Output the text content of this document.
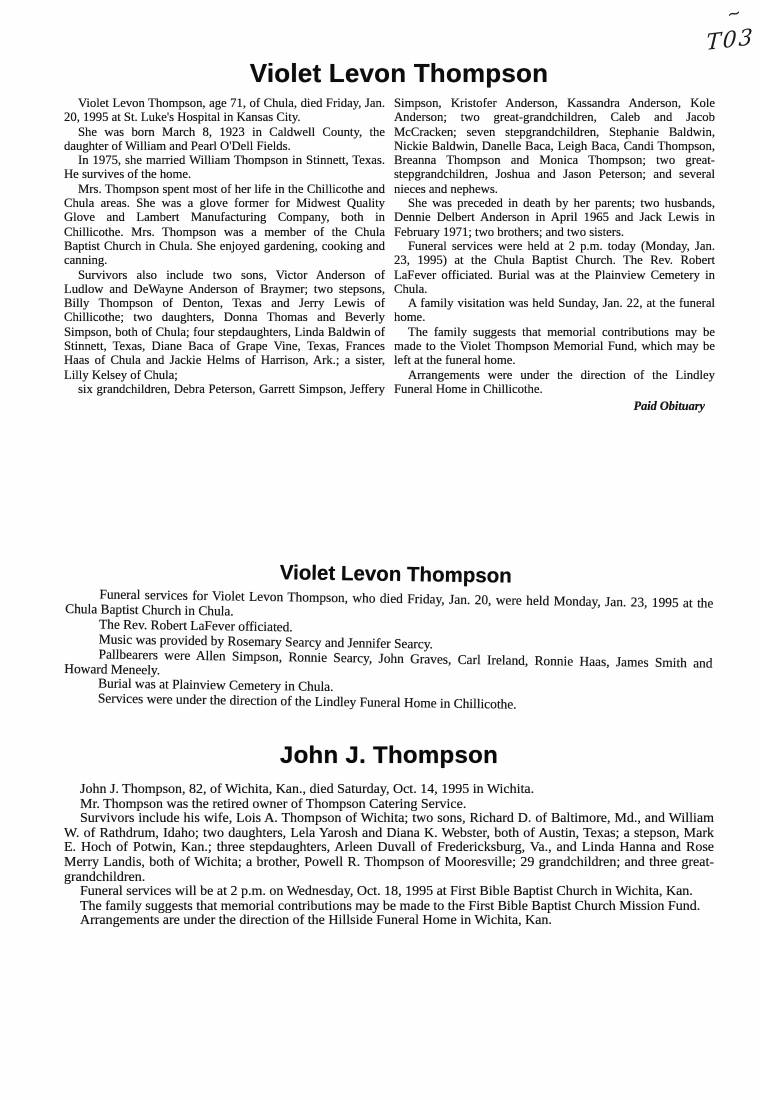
~
T03
Violet Levon Thompson

Violet Levon Thompson, age 71, of Chula, died Friday, Jan. 20, 1995 at St. Luke's Hospital in Kansas City.

She was born March 8, 1923 in Caldwell County, the daughter of William and Pearl O'Dell Fields.

In 1975, she married William Thompson in Stinnett, Texas. He survives of the home.

Mrs. Thompson spent most of her life in the Chillicothe and Chula areas. She was a glove former for Midwest Quality Glove and Lambert Manufacturing Company, both in Chillicothe. Mrs. Thompson was a member of the Chula Baptist Church in Chula. She enjoyed gardening, cooking and canning.

Survivors also include two sons, Victor Anderson of Ludlow and DeWayne Anderson of Braymer; two stepsons, Billy Thompson of Denton, Texas and Jerry Lewis of Chillicothe; two daughters, Donna Thomas and Beverly Simpson, both of Chula; four stepdaughters, Linda Baldwin of Stinnett, Texas, Diane Baca of Grape Vine, Texas, Frances Haas of Chula and Jackie Helms of Harrison, Ark.; a sister, Lilly Kelsey of Chula;

six grandchildren, Debra Peterson, Garrett Simpson, Jeffery

Simpson, Kristofer Anderson, Kassandra Anderson, Kole Anderson; two great-grandchildren, Caleb and Jacob McCracken; seven stepgrandchildren, Stephanie Baldwin, Nickie Baldwin, Danelle Baca, Leigh Baca, Candi Thompson, Breanna Thompson and Monica Thompson; two great-stepgrandchildren, Joshua and Jason Peterson; and several nieces and nephews.

She was preceded in death by her parents; two husbands, Dennie Delbert Anderson in April 1965 and Jack Lewis in February 1971; two brothers; and two sisters.

Funeral services were held at 2 p.m. today (Monday, Jan. 23, 1995) at the Chula Baptist Church. The Rev. Robert LaFever officiated. Burial was at the Plainview Cemetery in Chula.

A family visitation was held Sunday, Jan. 22, at the funeral home.

The family suggests that memorial contributions may be made to the Violet Thompson Memorial Fund, which may be left at the funeral home.

Arrangements were under the direction of the Lindley Funeral Home in Chillicothe.

Paid Obituary
Violet Levon Thompson

Funeral services for Violet Levon Thompson, who died Friday, Jan. 20, were held Monday, Jan. 23, 1995 at the Chula Baptist Church in Chula.

The Rev. Robert LaFever officiated.

Music was provided by Rosemary Searcy and Jennifer Searcy.

Pallbearers were Allen Simpson, Ronnie Searcy, John Graves, Carl Ireland, Ronnie Haas, James Smith and Howard Meneely.

Burial was at Plainview Cemetery in Chula.

Services were under the direction of the Lindley Funeral Home in Chillicothe.

John J. Thompson

John J. Thompson, 82, of Wichita, Kan., died Saturday, Oct. 14, 1995 in Wichita.

Mr. Thompson was the retired owner of Thompson Catering Service.

Survivors include his wife, Lois A. Thompson of Wichita; two sons, Richard D. of Baltimore, Md., and William W. of Rathdrum, Idaho; two daughters, Lela Yarosh and Diana K. Webster, both of Austin, Texas; a stepson, Mark E. Hoch of Potwin, Kan.; three stepdaughters, Arleen Duvall of Fredericksburg, Va., and Linda Hanna and Rose Merry Landis, both of Wichita; a brother, Powell R. Thompson of Mooresville; 29 grandchildren; and three great-grandchildren.

Funeral services will be at 2 p.m. on Wednesday, Oct. 18, 1995 at First Bible Baptist Church in Wichita, Kan.

The family suggests that memorial contributions may be made to the First Bible Baptist Church Mission Fund.

Arrangements are under the direction of the Hillside Funeral Home in Wichita, Kan.
